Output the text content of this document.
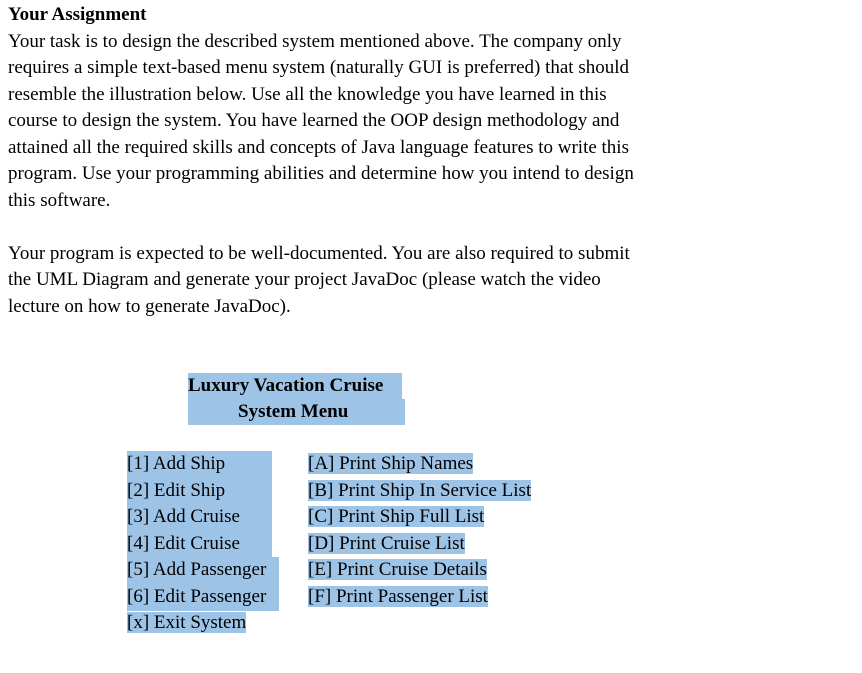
Your Assignment

Your task is to design the described system mentioned above. The company only

requires a simple text-based menu system (naturally GUI is preferred) that should

resemble the illustration below. Use all the knowledge you have learned in this

course to design the system. You have learned the OOP design methodology and

attained all the required skills and concepts of Java language features to write this

program. Use your programming abilities and determine how you intend to design

this software.

Your program is expected to be well-documented. You are also required to submit

the UML Diagram and generate your project JavaDoc (please watch the video

lecture on how to generate JavaDoc).

Luxury Vacation Cruise
System Menu
[1] Add Ship
[2] Edit Ship
[3] Add Cruise
[4] Edit Cruise
[5] Add Passenger
[6] Edit Passenger
[x] Exit System
[A] Print Ship Names
[B] Print Ship In Service List
[C] Print Ship Full List
[D] Print Cruise List
[E] Print Cruise Details
[F] Print Passenger List
